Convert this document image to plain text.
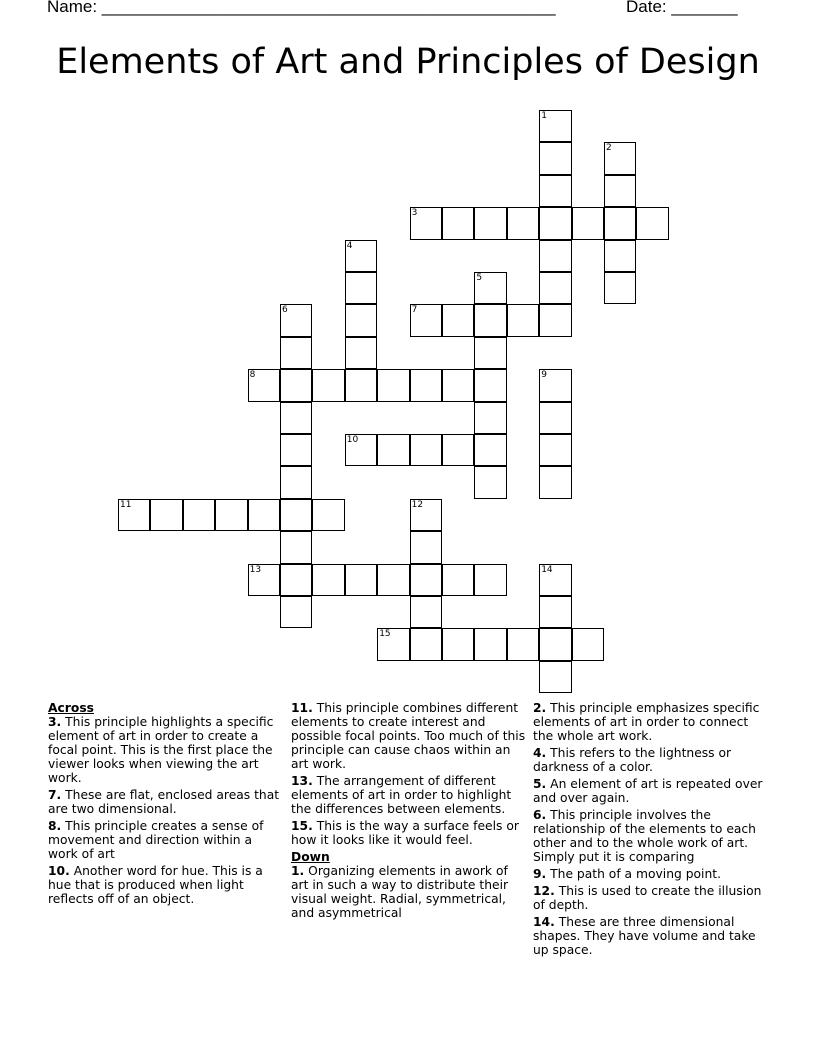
Name: ________________________________________________	Date: _______
Elements of Art and Principles of Design
1
2
3
4
5
6	7
8	9
10
11	12
13	14
15

Across

3. This principle highlights a specific element of art in order to create a focal point. This is the first place the viewer looks when viewing the art work.

7. These are flat, enclosed areas that are two dimensional.

8. This principle creates a sense of movement and direction within a work of art

10. Another word for hue. This is a hue that is produced when light reflects off of an object.

11. This principle combines different elements to create interest and possible focal points. Too much of this principle can cause chaos within an art work.

13. The arrangement of different elements of art in order to highlight the differences between elements.

15. This is the way a surface feels or how it looks like it would feel.

Down

1. Organizing elements in awork of art in such a way to distribute their visual weight. Radial, symmetrical, and asymmetrical

2. This principle emphasizes specific elements of art in order to connect the whole art work.

4. This refers to the lightness or darkness of a color.

5. An element of art is repeated over and over again.

6. This principle involves the relationship of the elements to each other and to the whole work of art. Simply put it is comparing

9. The path of a moving point.

12. This is used to create the illusion of depth.

14. These are three dimensional shapes. They have volume and take up space.
